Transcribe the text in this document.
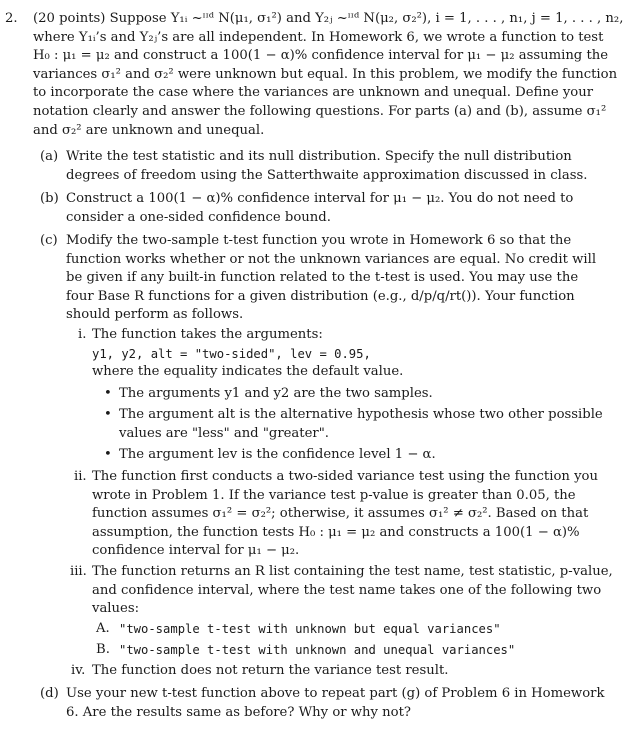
2. (20 points) Suppose Y₁ᵢ ~ᶦᶦᵈ N(μ₁, σ₁²) and Y₂ⱼ ~ᶦᶦᵈ N(μ₂, σ₂²), i = 1, . . . , n₁, j = 1, . . . , n₂,
where Y₁ᵢ’s and Y₂ⱼ’s are all independent. In Homework 6, we wrote a function to test
H₀ : μ₁ = μ₂ and construct a 100(1 − α)% confidence interval for μ₁ − μ₂ assuming the
variances σ₁² and σ₂² were unknown but equal. In this problem, we modify the function
to incorporate the case where the variances are unknown and unequal. Define your
notation clearly and answer the following questions. For parts (a) and (b), assume σ₁²
and σ₂² are unknown and unequal.
(a) Write the test statistic and its null distribution. Specify the null distribution
degrees of freedom using the Satterthwaite approximation discussed in class.
(b) Construct a 100(1 − α)% confidence interval for μ₁ − μ₂. You do not need to
consider a one-sided confidence bound.
(c) Modify the two-sample t-test function you wrote in Homework 6 so that the
function works whether or not the unknown variances are equal. No credit will
be given if any built-in function related to the t-test is used. You may use the
four Base R functions for a given distribution (e.g., d/p/q/rt()). Your function
should perform as follows.
i. The function takes the arguments:
y1, y2, alt = "two-sided", lev = 0.95,
where the equality indicates the default value.
• The arguments y1 and y2 are the two samples.
• The argument alt is the alternative hypothesis whose two other possible
values are "less" and "greater".
• The argument lev is the confidence level 1 − α.
ii. The function first conducts a two-sided variance test using the function you
wrote in Problem 1. If the variance test p-value is greater than 0.05, the
function assumes σ₁² = σ₂²; otherwise, it assumes σ₁² ≠ σ₂². Based on that
assumption, the function tests H₀ : μ₁ = μ₂ and constructs a 100(1 − α)%
confidence interval for μ₁ − μ₂.
iii. The function returns an R list containing the test name, test statistic, p-value,
and confidence interval, where the test name takes one of the following two
values:
A. "two-sample t-test with unknown but equal variances"
B. "two-sample t-test with unknown and unequal variances"
iv. The function does not return the variance test result.
(d) Use your new t-test function above to repeat part (g) of Problem 6 in Homework
6. Are the results same as before? Why or why not?
